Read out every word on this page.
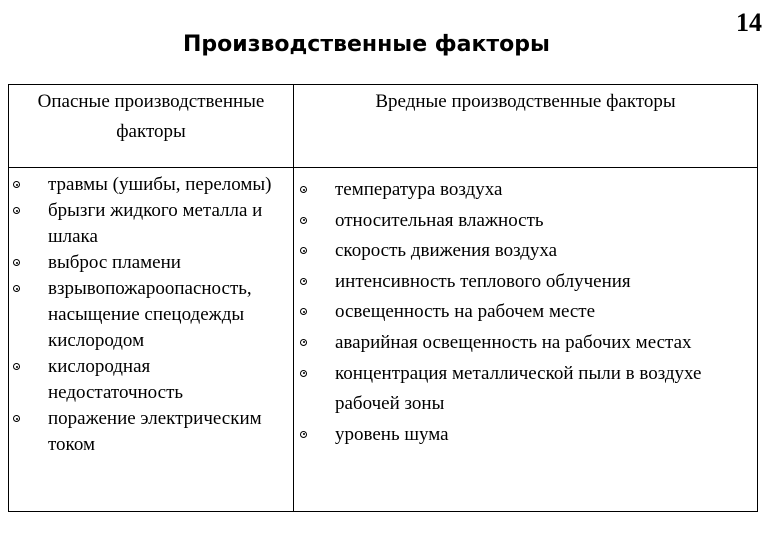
14
Производственные факторы
Опасные производственные факторы
Вредные производственные факторы
травмы (ушибы, переломы)
брызги жидкого металла и шлака
выброс пламени
взрывопожароопасность, насыщение спецодежды кислородом
кислородная недостаточность
поражение электрическим током
температура воздуха
относительная влажность
скорость движения воздуха
интенсивность теплового облучения
освещенность на рабочем месте
аварийная освещенность на рабочих местах
концентрация металлической пыли в воздухе рабочей зоны
уровень шума
